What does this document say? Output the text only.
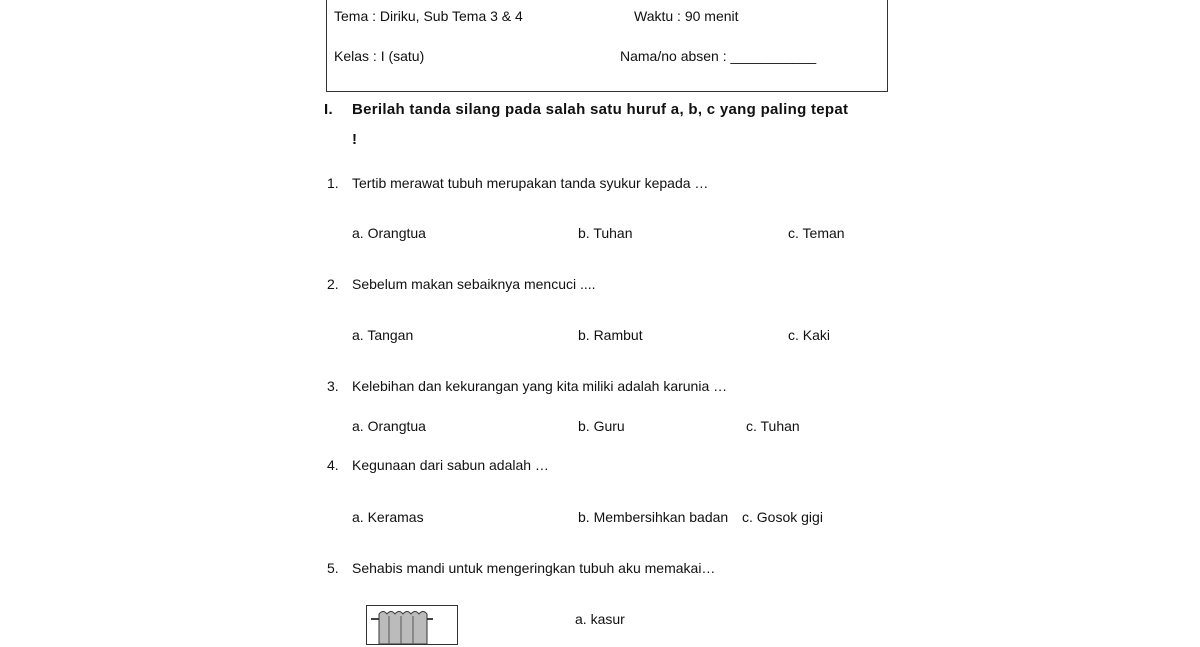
Tema : Diriku, Sub Tema 3 & 4	Waktu : 90 menit
Kelas : I (satu)	Nama/no absen : ___________
I. Berilah tanda silang pada salah satu huruf a, b, c yang paling tepat
!
1. Tertib merawat tubuh merupakan tanda syukur kepada …
a. Orangtua	b. Tuhan	c. Teman
2. Sebelum makan sebaiknya mencuci ....
a. Tangan	b. Rambut	c. Kaki
3. Kelebihan dan kekurangan yang kita miliki adalah karunia …
a. Orangtua	b. Guru	c. Tuhan
4. Kegunaan dari sabun adalah …
a. Keramas	b. Membersihkan badan c. Gosok gigi
5. Sehabis mandi untuk mengeringkan tubuh aku memakai…
a. kasur
